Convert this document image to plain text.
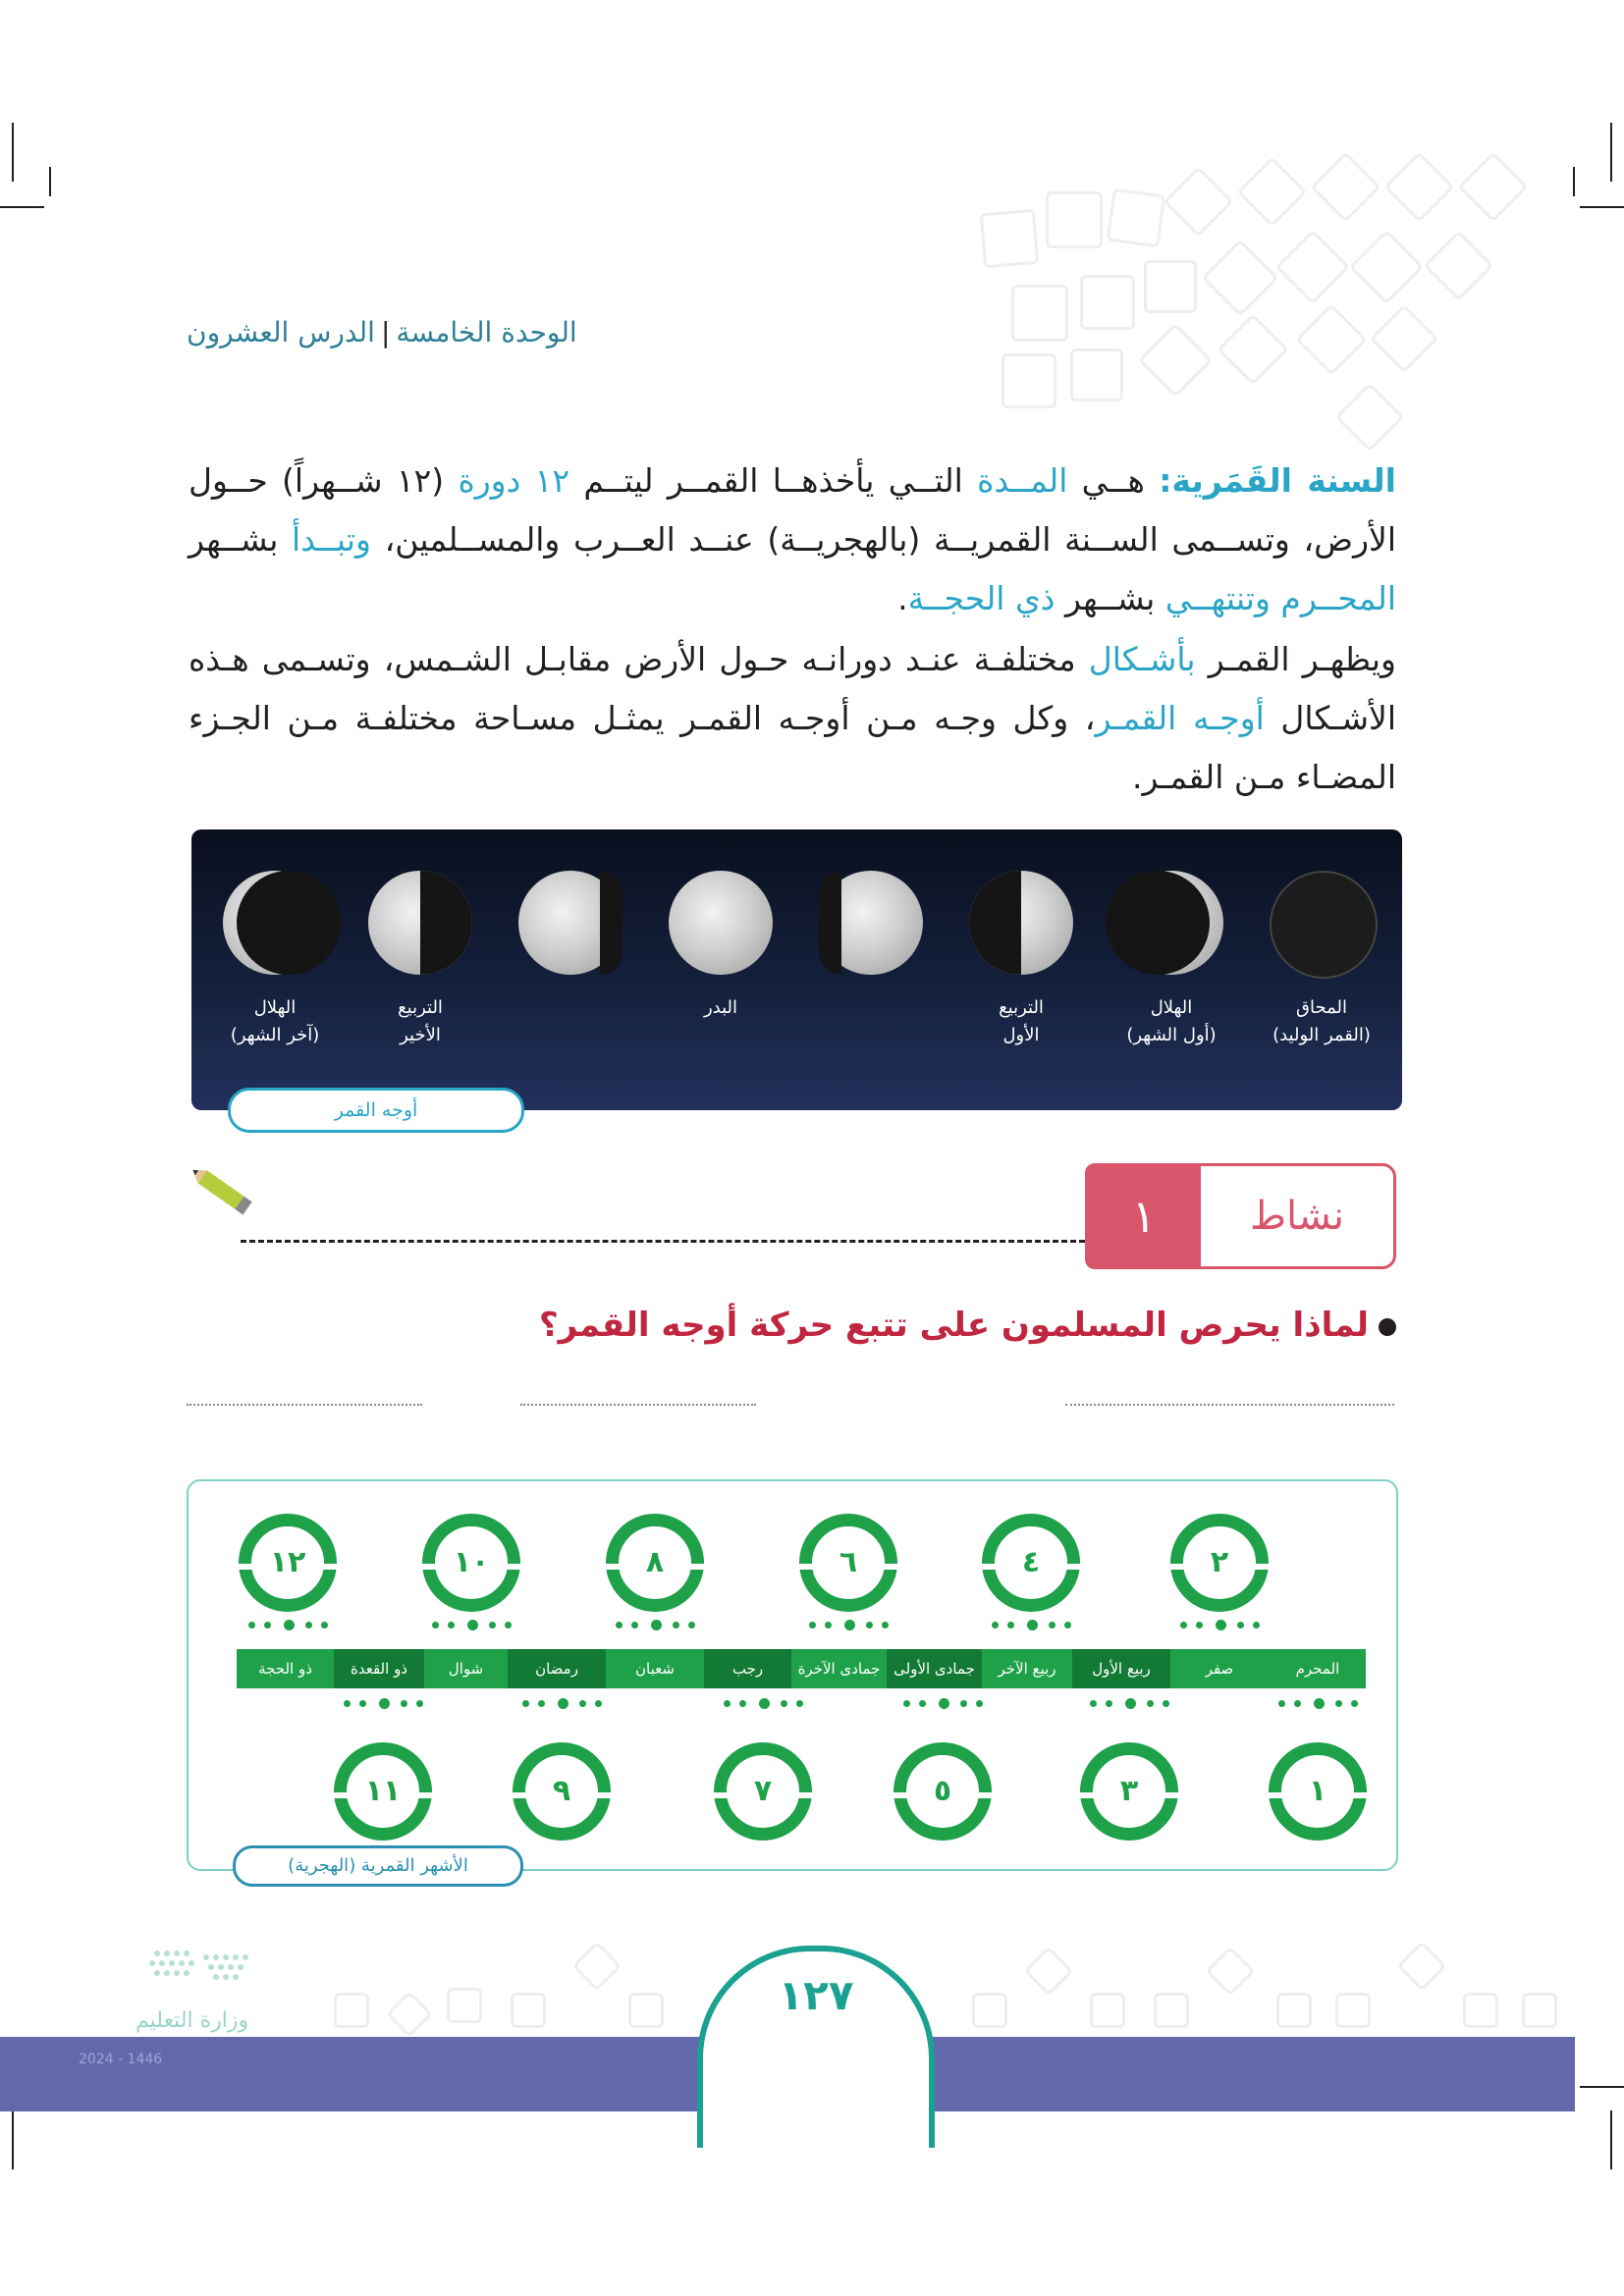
الوحدة الخامسة|الدرس العشرون
السنة القَمَرية: هــي المــدة التــي يأخذهــا القمــر ليتــم ١٢ دورة (١٢ شــهراً) حــول الأرض، وتســمى الســنة القمريــة (بالهجريــة) عنــد العــرب والمســلمين، وتبــدأ بشــهر المحــرم وتنتهــي بشــهر ذي الحجــة.
ويظهـر القمـر بأشـكال مختلفـة عنـد دورانـه حـول الأرض مقابـل الشـمس، وتسـمى هـذه الأشـكال أوجـه القمـر، وكل وجـه مـن أوجـه القمـر يمثـل مسـاحة مختلفـة مـن الجـزء المضـاء مـن القمـر.
المحاق
(القمر الوليد)
الهلال
(أول الشهر)
التربيع
الأول
البدر
التربيع
الأخير
الهلال
(آخر الشهر)
أوجه القمر
١	نشاط
لماذا يحرص المسلمون على تتبع حركة أوجه القمر؟
المحرم
صفر
ربيع الأول
ربيع الآخر
جمادى الأولى
جمادى الآخرة
رجب
شعبان
رمضان
شوال
ذو القعدة
ذو الحجة
٢
٤
٦
٨
١٠
١٢
١
٣
٥
٧
٩
١١
الأشهر القمرية (الهجرية)
وزارة التعليم
2024 - 1446
١٢٧
